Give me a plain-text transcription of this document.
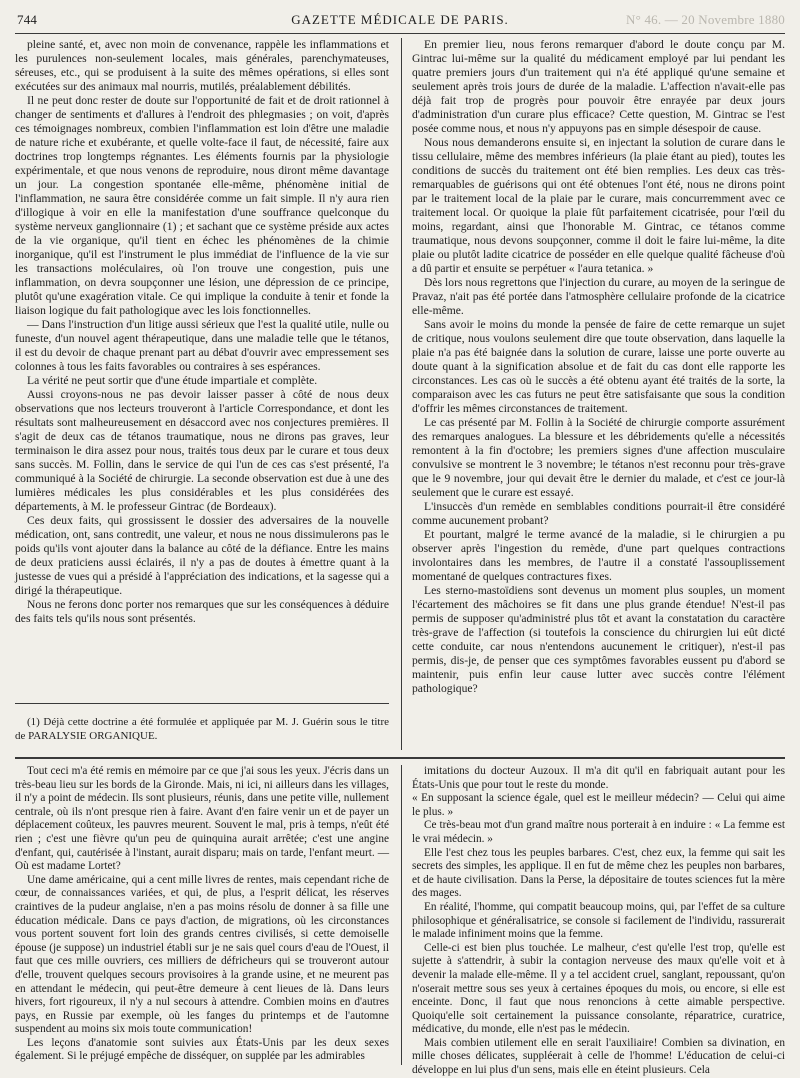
744	GAZETTE MÉDICALE DE PARIS.	N° 46. — 20 Novembre 1880

pleine santé, et, avec non moin de convenance, rappèle les inflammations et les purulences non-seulement locales, mais générales, parenchymateuses, séreuses, etc., qui se produisent à la suite des mêmes opérations, si elles sont exécutées sur des animaux mal nourris, mutilés, préalablement débilités.

Il ne peut donc rester de doute sur l'opportunité de fait et de droit rationnel à changer de sentiments et d'allures à l'endroit des phlegmasies ; on voit, d'après ces témoignages nombreux, combien l'inflammation est loin d'être une maladie de nature riche et exubérante, et quelle volte-face il faut, de nécessité, faire aux doctrines trop longtemps régnantes. Les éléments fournis par la physiologie expérimentale, et que nous venons de reproduire, nous diront même davantage un jour. La congestion spontanée elle-même, phénomène initial de l'inflammation, ne saura être considérée comme un fait simple. Il n'y aura rien d'illogique à voir en elle la manifestation d'une souffrance quelconque du système nerveux ganglionnaire (1) ; et sachant que ce système préside aux actes de la vie organique, qu'il tient en échec les phénomènes de la chimie inorganique, qu'il est l'instrument le plus immédiat de l'influence de la vie sur les transactions moléculaires, où l'on trouve une congestion, puis une inflammation, on devra soupçonner une lésion, une dépression de ce principe, plutôt qu'une exagération vitale. Ce qui implique la conduite à tenir et fonde la liaison logique du fait pathologique avec les lois fonctionnelles.

— Dans l'instruction d'un litige aussi sérieux que l'est la qualité utile, nulle ou funeste, d'un nouvel agent thérapeutique, dans une maladie telle que le tétanos, il est du devoir de chaque prenant part au débat d'ouvrir avec empressement ses colonnes à tous les faits favorables ou contraires à ses espérances.

La vérité ne peut sortir que d'une étude impartiale et complète.

Aussi croyons-nous ne pas devoir laisser passer à côté de nous deux observations que nos lecteurs trouveront à l'article Correspondance, et dont les résultats sont malheureusement en désaccord avec nos conjectures premières. Il s'agit de deux cas de tétanos traumatique, nous ne dirons pas graves, leur terminaison le dira assez pour nous, traités tous deux par le curare et tous deux sans succès. M. Follin, dans le service de qui l'un de ces cas s'est présenté, l'a communiqué à la Société de chirurgie. La seconde observation est due à une des lumières médicales les plus considérables et les plus considérées des départements, à M. le professeur Gintrac (de Bordeaux).

Ces deux faits, qui grossissent le dossier des adversaires de la nouvelle médication, ont, sans contredit, une valeur, et nous ne nous dissimulerons pas le poids qu'ils vont ajouter dans la balance au côté de la défiance. Entre les mains de deux praticiens aussi éclairés, il n'y a pas de doutes à émettre quant à la justesse de vues qui a présidé à l'appréciation des indications, et la sagesse qui a dirigé la thérapeutique.

Nous ne ferons donc porter nos remarques que sur les conséquences à déduire des faits tels qu'ils nous sont présentés.

(1) Déjà cette doctrine a été formulée et appliquée par M. J. Guérin sous le titre de PARALYSIE ORGANIQUE.

En premier lieu, nous ferons remarquer d'abord le doute conçu par M. Gintrac lui-même sur la qualité du médicament employé par lui pendant les quatre premiers jours d'un traitement qui n'a été appliqué qu'une semaine et seulement après trois jours de durée de la maladie. L'affection n'avait-elle pas déjà fait trop de progrès pour pouvoir être enrayée par deux jours d'administration d'un curare plus efficace? Cette question, M. Gintrac se l'est posée comme nous, et nous n'y appuyons pas en simple désespoir de cause.

Nous nous demanderons ensuite si, en injectant la solution de curare dans le tissu cellulaire, même des membres inférieurs (la plaie étant au pied), toutes les conditions de succès du traitement ont été bien remplies. Les deux cas très-remarquables de guérisons qui ont été obtenues l'ont été, nous ne dirons point par le traitement local de la plaie par le curare, mais concurremment avec ce traitement local. Or quoique la plaie fût parfaitement cicatrisée, pour l'œil du moins, regardant, ainsi que l'honorable M. Gintrac, ce tétanos comme traumatique, nous devons soupçonner, comme il doit le faire lui-même, la dite plaie ou plutôt ladite cicatrice de posséder en elle quelque qualité fâcheuse d'où a dû partir et ensuite se perpétuer « l'aura tetanica. »

Dès lors nous regrettons que l'injection du curare, au moyen de la seringue de Pravaz, n'ait pas été portée dans l'atmosphère cellulaire profonde de la cicatrice elle-même.

Sans avoir le moins du monde la pensée de faire de cette remarque un sujet de critique, nous voulons seulement dire que toute observation, dans laquelle la plaie n'a pas été baignée dans la solution de curare, laisse une porte ouverte au doute quant à la signification absolue et de fait du cas dont elle rapporte les circonstances. Les cas où le succès a été obtenu ayant été traités de la sorte, la comparaison avec les cas futurs ne peut être satisfaisante que sous la condition d'offrir les mêmes circonstances de traitement.

Le cas présenté par M. Follin à la Société de chirurgie comporte assurément des remarques analogues. La blessure et les débridements qu'elle a nécessités remontent à la fin d'octobre; les premiers signes d'une affection musculaire convulsive se montrent le 3 novembre; le tétanos n'est reconnu pour très-grave que le 9 novembre, jour qui devait être le dernier du malade, et c'est ce jour-là seulement que le curare est essayé.

L'insuccès d'un remède en semblables conditions pourrait-il être considéré comme aucunement probant?

Et pourtant, malgré le terme avancé de la maladie, si le chirurgien a pu observer après l'ingestion du remède, d'une part quelques contractions involontaires dans les membres, de l'autre il a constaté l'assouplissement momentané de quelques contractures fixes.

Les sterno-mastoïdiens sont devenus un moment plus souples, un moment l'écartement des mâchoires se fit dans une plus grande étendue! N'est-il pas permis de supposer qu'administré plus tôt et avant la constatation du caractère très-grave de l'affection (si toutefois la conscience du chirurgien lui eût dicté cette conduite, car nous n'entendons aucunement le critiquer), n'est-il pas permis, dis-je, de penser que ces symptômes favorables eussent pu d'abord se maintenir, puis enfin leur cause lutter avec succès contre l'élément pathologique?

Tout ceci m'a été remis en mémoire par ce que j'ai sous les yeux. J'écris dans un très-beau lieu sur les bords de la Gironde. Mais, ni ici, ni ailleurs dans les villages, il n'y a point de médecin. Ils sont plusieurs, réunis, dans une petite ville, nullement centrale, où ils n'ont presque rien à faire. Avant d'en faire venir un et de payer un déplacement coûteux, les pauvres meurent. Souvent le mal, pris à temps, n'eût été rien ; c'est une fièvre qu'un peu de quinquina aurait arrêtée; c'est une angine d'enfant, qui, cautérisée à l'instant, aurait disparu; mais on tarde, l'enfant meurt. — Où est madame Lortet?

Une dame américaine, qui a cent mille livres de rentes, mais cependant riche de cœur, de connaissances variées, et qui, de plus, a l'esprit délicat, les réserves craintives de la pudeur anglaise, n'en a pas moins résolu de donner à sa fille une éducation médicale. Dans ce pays d'action, de migrations, où les circonstances vous portent souvent fort loin des grands centres civilisés, si cette demoiselle épouse (je suppose) un industriel établi sur je ne sais quel cours d'eau de l'Ouest, il faut que ces mille ouvriers, ces milliers de défricheurs qui se trouveront autour d'elle, trouvent quelques secours provisoires à la grande usine, et ne meurent pas en attendant le médecin, qui peut-être demeure à cent lieues de là. Dans leurs hivers, fort rigoureux, il n'y a nul secours à attendre. Combien moins en d'autres pays, en Russie par exemple, où les fanges du printemps et de l'automne suspendent au moins six mois toute communication!

Les leçons d'anatomie sont suivies aux États-Unis par les deux sexes également. Si le préjugé empêche de disséquer, on supplée par les admirables

imitations du docteur Auzoux. Il m'a dit qu'il en fabriquait autant pour les États-Unis que pour tout le reste du monde.

« En supposant la science égale, quel est le meilleur médecin? — Celui qui aime le plus. »

Ce très-beau mot d'un grand maître nous porterait à en induire : « La femme est le vrai médecin. »

Elle l'est chez tous les peuples barbares. C'est, chez eux, la femme qui sait les secrets des simples, les applique. Il en fut de même chez les peuples non barbares, et de haute civilisation. Dans la Perse, la dépositaire de toutes sciences fut la mère des mages.

En réalité, l'homme, qui compatit beaucoup moins, qui, par l'effet de sa culture philosophique et généralisatrice, se console si facilement de l'individu, rassurerait le malade infiniment moins que la femme.

Celle-ci est bien plus touchée. Le malheur, c'est qu'elle l'est trop, qu'elle est sujette à s'attendrir, à subir la contagion nerveuse des maux qu'elle voit et à devenir la malade elle-même. Il y a tel accident cruel, sanglant, repoussant, qu'on n'oserait mettre sous ses yeux à certaines époques du mois, ou encore, si elle est enceinte. Donc, il faut que nous renoncions à cette aimable perspective. Quoiqu'elle soit certainement la puissance consolante, réparatrice, curatrice, médicative, du monde, elle n'est pas le médecin.

Mais combien utilement elle en serait l'auxiliaire! Combien sa divination, en mille choses délicates, suppléerait à celle de l'homme! L'éducation de celui-ci développe en lui plus d'un sens, mais elle en éteint plusieurs. Cela
